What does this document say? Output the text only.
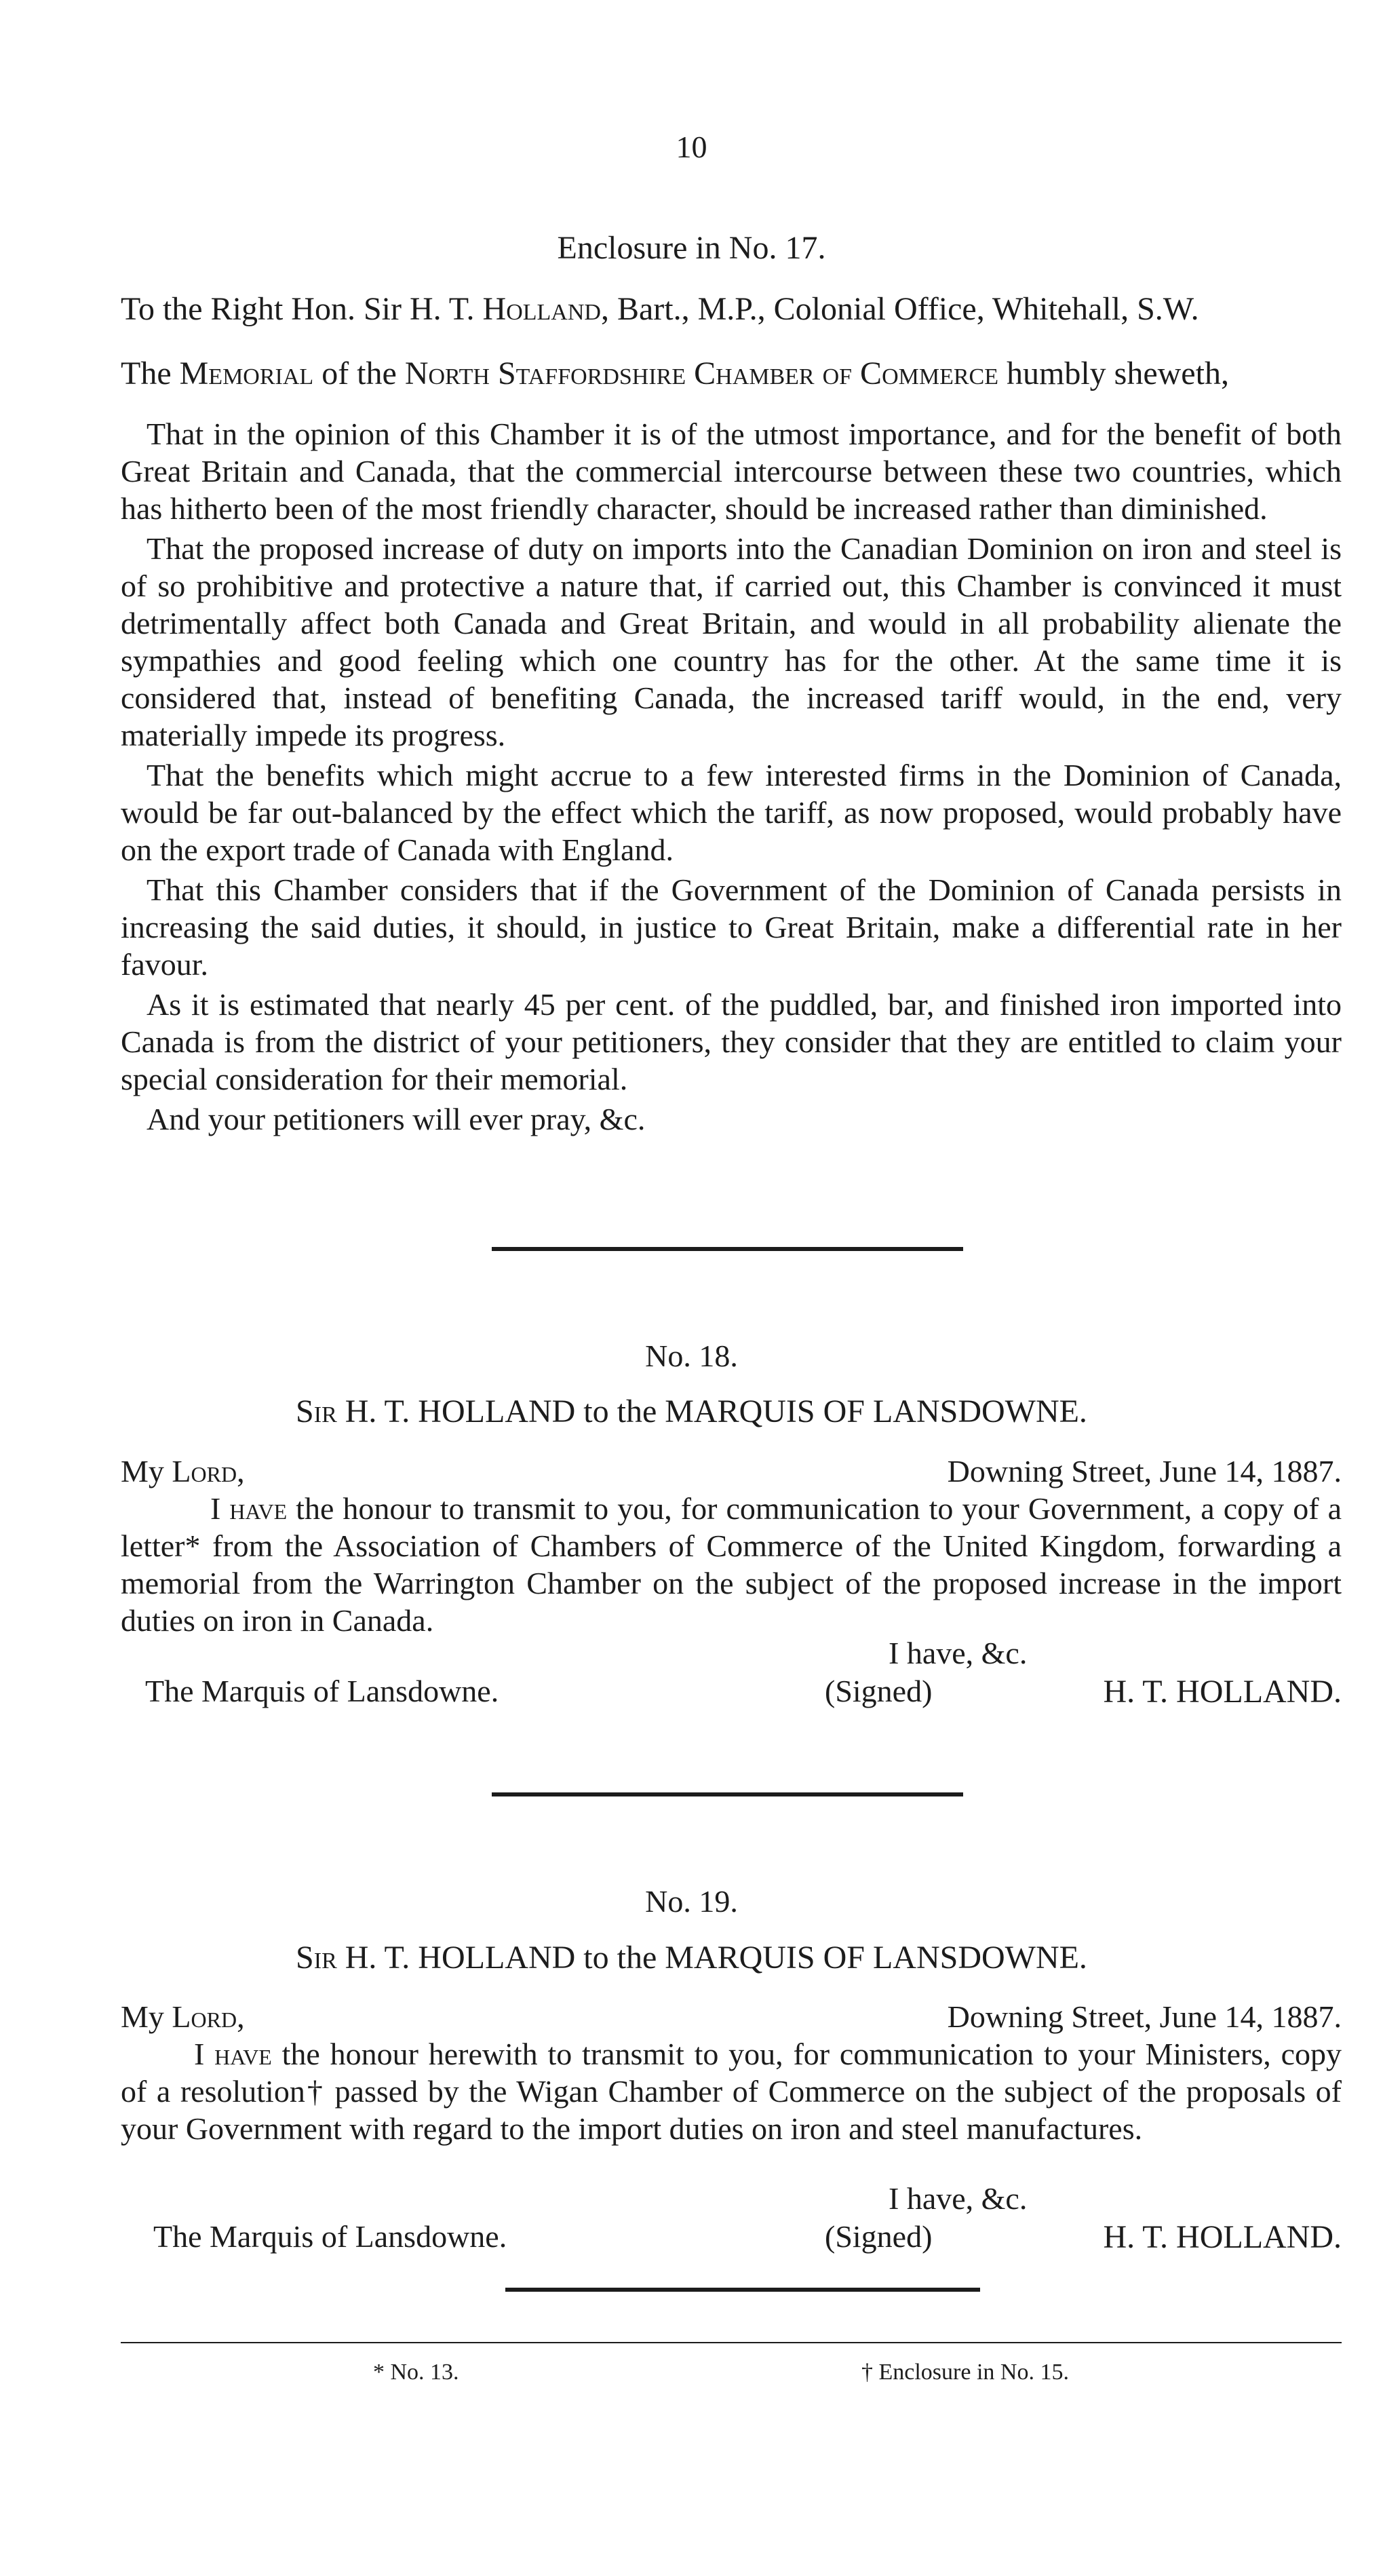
10
Enclosure in No. 17.
To the Right Hon. Sir H. T. Holland, Bart., M.P., Colonial Office, Whitehall, S.W.
The Memorial of the North Staffordshire Chamber of Commerce humbly sheweth,

That in the opinion of this Chamber it is of the utmost importance, and for the benefit of both Great Britain and Canada, that the commercial intercourse between these two countries, which has hitherto been of the most friendly character, should be increased rather than diminished.

That the proposed increase of duty on imports into the Canadian Dominion on iron and steel is of so prohibitive and protective a nature that, if carried out, this Chamber is convinced it must detrimentally affect both Canada and Great Britain, and would in all probability alienate the sympathies and good feeling which one country has for the other. At the same time it is considered that, instead of benefiting Canada, the increased tariff would, in the end, very materially impede its progress.

That the benefits which might accrue to a few interested firms in the Dominion of Canada, would be far out-balanced by the effect which the tariff, as now proposed, would probably have on the export trade of Canada with England.

That this Chamber considers that if the Government of the Dominion of Canada persists in increasing the said duties, it should, in justice to Great Britain, make a differential rate in her favour.

As it is estimated that nearly 45 per cent. of the puddled, bar, and finished iron imported into Canada is from the district of your petitioners, they consider that they are entitled to claim your special consideration for their memorial.

And your petitioners will ever pray, &c.

No. 18.
Sir H. T. HOLLAND to the MARQUIS OF LANSDOWNE.
My Lord,	Downing Street, June 14, 1887.

I have the honour to transmit to you, for communication to your Government, a copy of a letter* from the Association of Chambers of Commerce of the United Kingdom, forwarding a memorial from the Warrington Chamber on the subject of the proposed increase in the import duties on iron in Canada.

I have, &c.
The Marquis of Lansdowne.	(Signed)	H. T. HOLLAND.
No. 19.
Sir H. T. HOLLAND to the MARQUIS OF LANSDOWNE.
My Lord,	Downing Street, June 14, 1887.

I have the honour herewith to transmit to you, for communication to your Ministers, copy of a resolution† passed by the Wigan Chamber of Commerce on the subject of the proposals of your Government with regard to the import duties on iron and steel manufactures.

I have, &c.
The Marquis of Lansdowne.	(Signed)	H. T. HOLLAND.
* No. 13.	† Enclosure in No. 15.
